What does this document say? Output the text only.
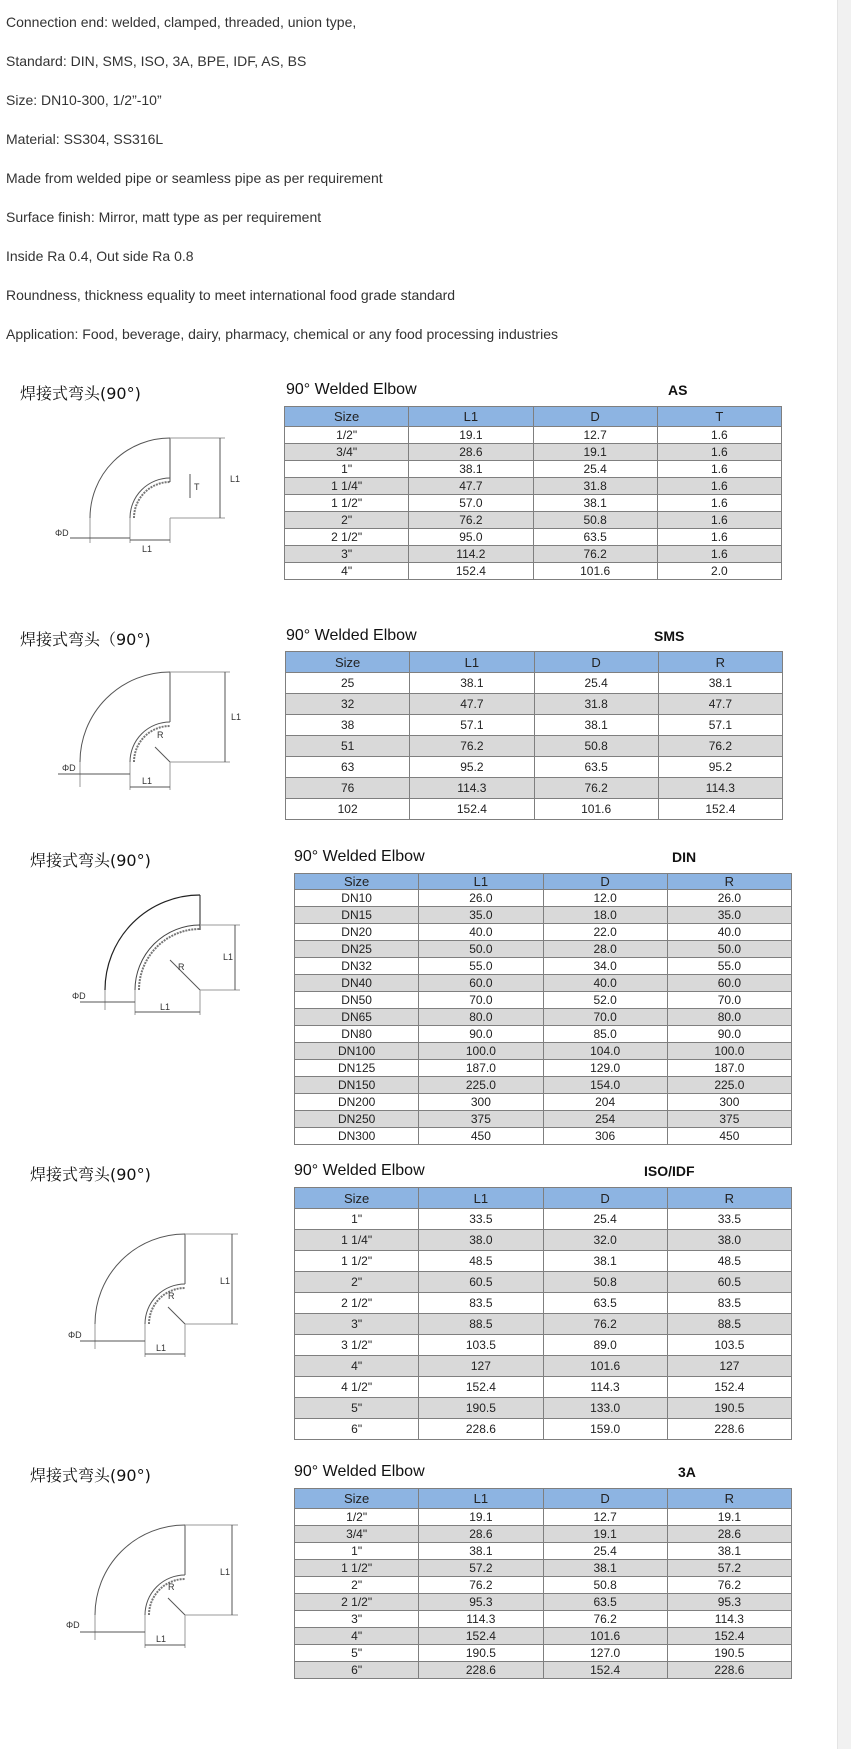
Connection end: welded, clamped, threaded, union type,
Standard: DIN, SMS, ISO, 3A, BPE, IDF, AS, BS
Size: DN10-300, 1/2”-10”
Material: SS304, SS316L
Made from welded pipe or seamless pipe as per requirement
Surface finish: Mirror, matt type as per requirement
Inside Ra 0.4, Out side Ra 0.8
Roundness, thickness equality to meet international food grade standard
Application: Food, beverage, dairy, pharmacy, chemical or any food processing industries
焊接式弯头(90°)	90° Welded Elbow	AS
ΦD
L1
L1
T
Size	L1	D	T
1/2"	19.1	12.7	1.6
3/4"	28.6	19.1	1.6
1"	38.1	25.4	1.6
1 1/4"	47.7	31.8	1.6
1 1/2"	57.0	38.1	1.6
2"	76.2	50.8	1.6
2 1/2"	95.0	63.5	1.6
3"	114.2	76.2	1.6
4"	152.4	101.6	2.0
焊接式弯头（90°)	90° Welded Elbow	SMS
ΦD
L1
L1
R
Size	L1	D	R
25	38.1	25.4	38.1
32	47.7	31.8	47.7
38	57.1	38.1	57.1
51	76.2	50.8	76.2
63	95.2	63.5	95.2
76	114.3	76.2	114.3
102	152.4	101.6	152.4
焊接式弯头(90°)	90° Welded Elbow	DIN
ΦD
L1
L1
R
Size	L1	D	R
DN10	26.0	12.0	26.0
DN15	35.0	18.0	35.0
DN20	40.0	22.0	40.0
DN25	50.0	28.0	50.0
DN32	55.0	34.0	55.0
DN40	60.0	40.0	60.0
DN50	70.0	52.0	70.0
DN65	80.0	70.0	80.0
DN80	90.0	85.0	90.0
DN100	100.0	104.0	100.0
DN125	187.0	129.0	187.0
DN150	225.0	154.0	225.0
DN200	300	204	300
DN250	375	254	375
DN300	450	306	450
焊接式弯头(90°)	90° Welded Elbow	ISO/IDF
ΦD
L1
L1
R
Size	L1	D	R
1"	33.5	25.4	33.5
1 1/4"	38.0	32.0	38.0
1 1/2"	48.5	38.1	48.5
2"	60.5	50.8	60.5
2 1/2"	83.5	63.5	83.5
3"	88.5	76.2	88.5
3 1/2"	103.5	89.0	103.5
4"	127	101.6	127
4 1/2"	152.4	114.3	152.4
5"	190.5	133.0	190.5
6"	228.6	159.0	228.6
焊接式弯头(90°)	90° Welded Elbow	3A
ΦD
L1
L1
R
Size	L1	D	R
1/2"	19.1	12.7	19.1
3/4"	28.6	19.1	28.6
1"	38.1	25.4	38.1
1 1/2"	57.2	38.1	57.2
2"	76.2	50.8	76.2
2 1/2"	95.3	63.5	95.3
3"	114.3	76.2	114.3
4"	152.4	101.6	152.4
5"	190.5	127.0	190.5
6"	228.6	152.4	228.6
